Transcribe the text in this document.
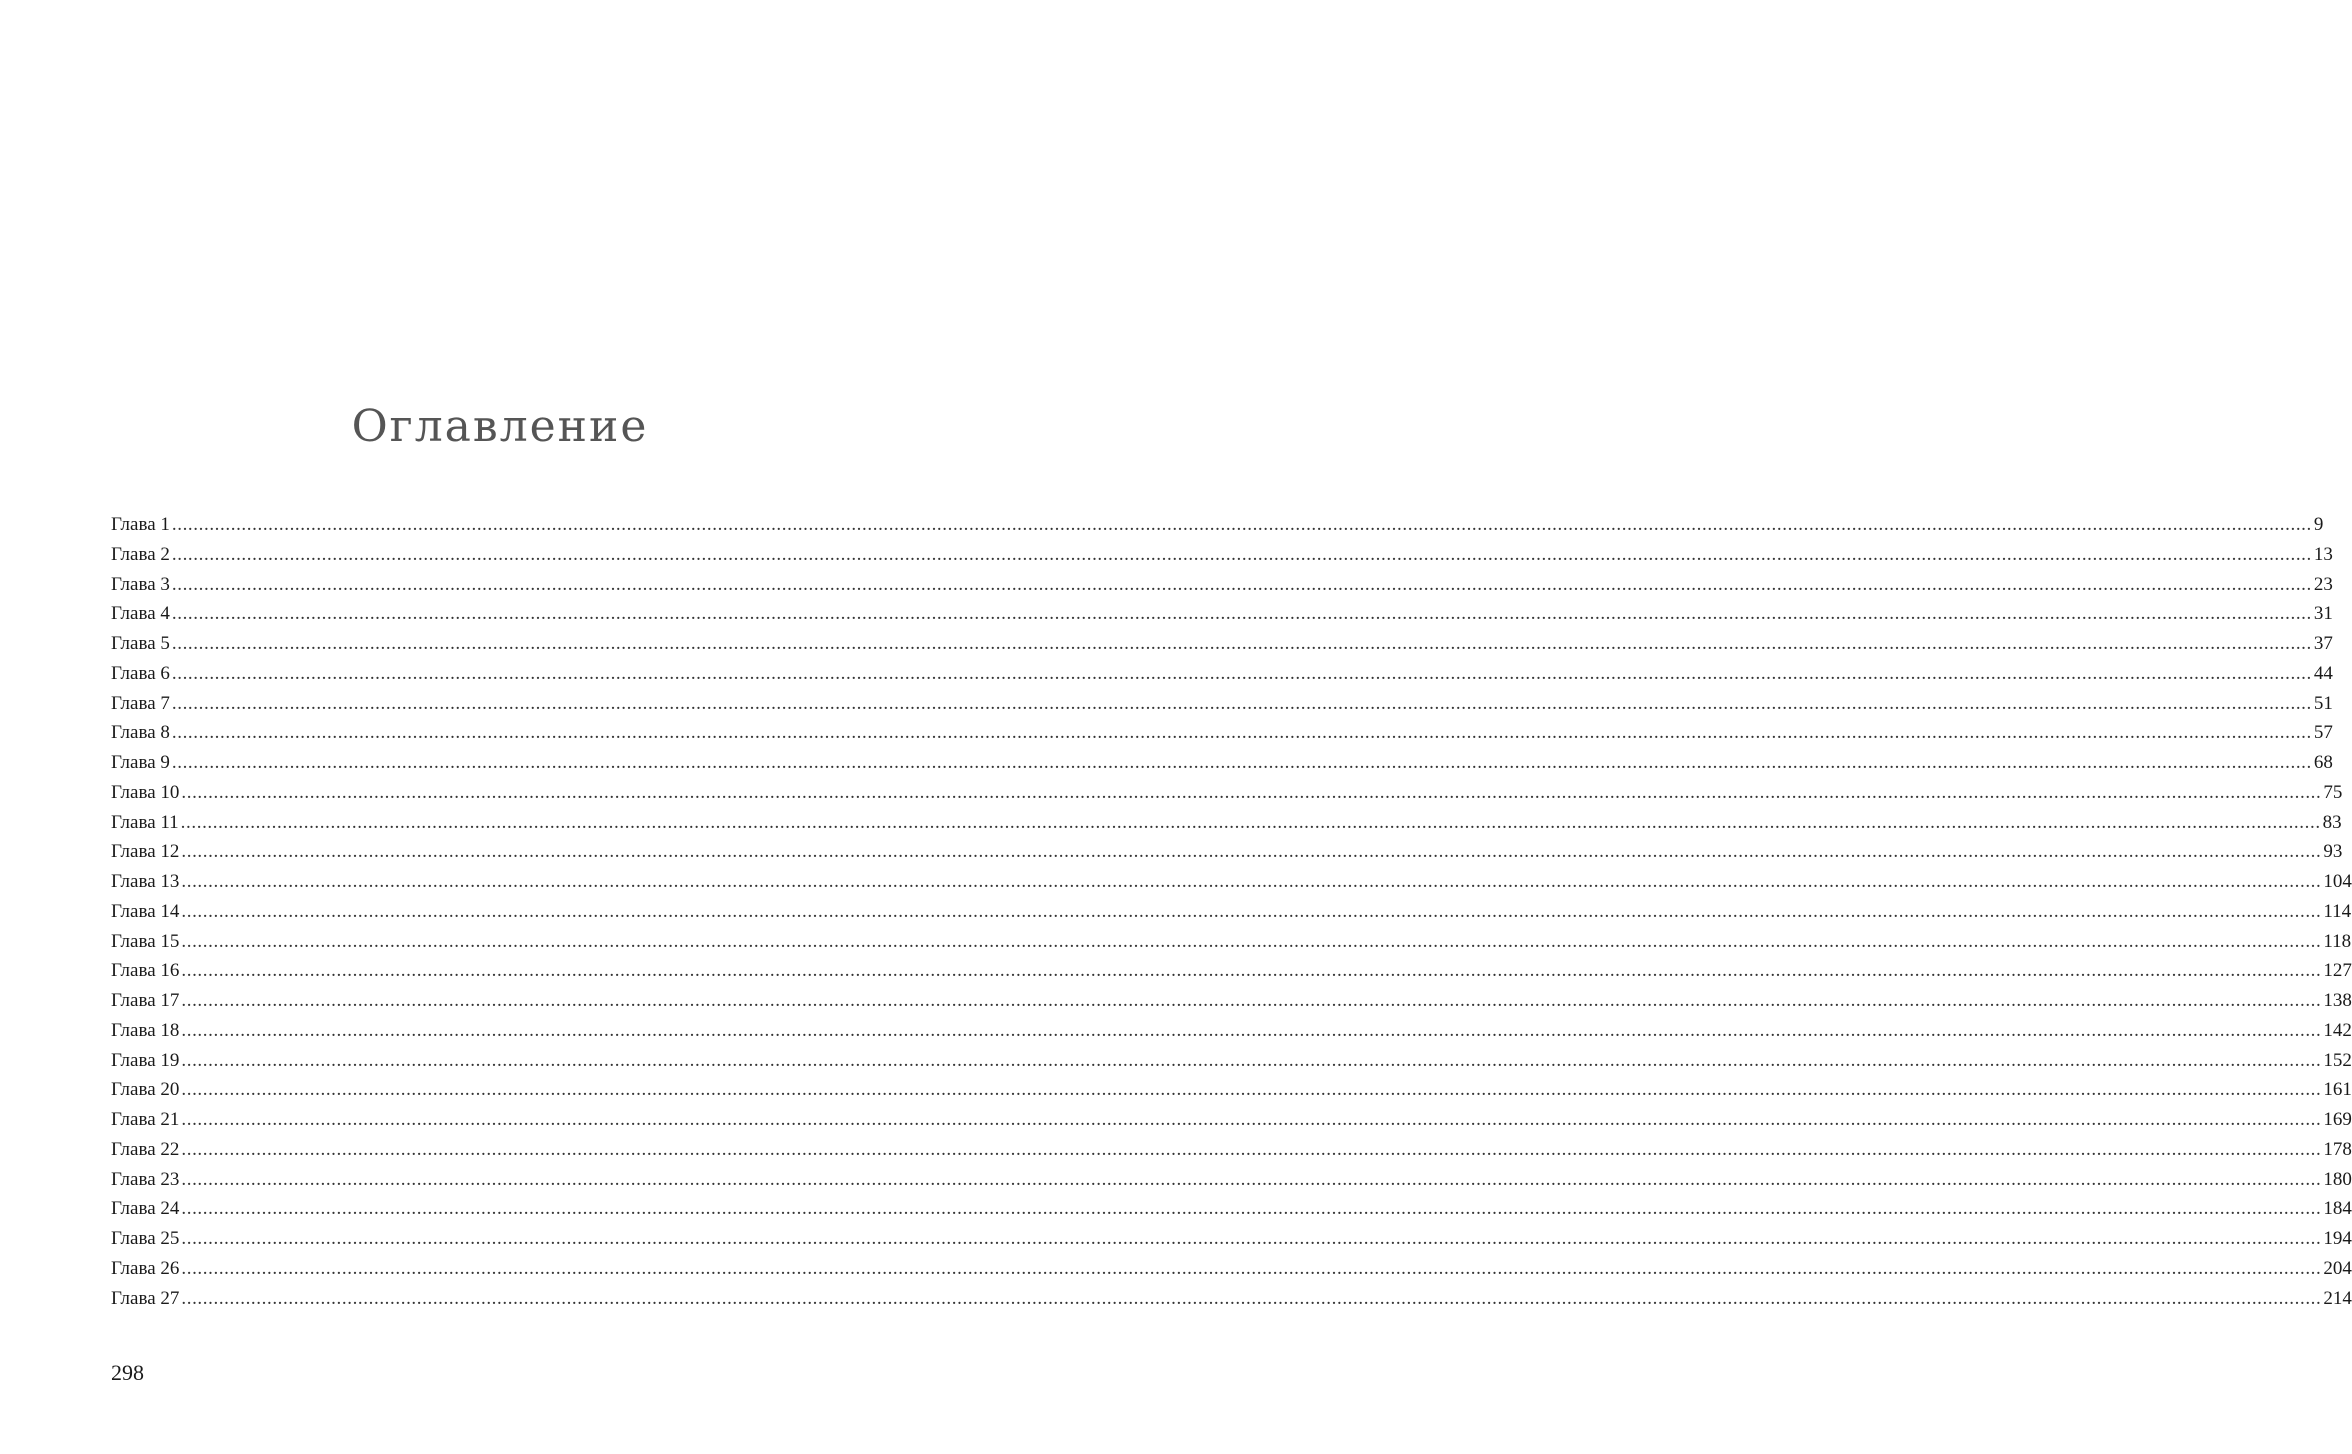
Оглавление
Глава 1 ................................................................................................................................................................................................................................................................................................................................................................................................................ 9
Глава 2 ................................................................................................................................................................................................................................................................................................................................................................................................................ 13
Глава 3 ................................................................................................................................................................................................................................................................................................................................................................................................................ 23
Глава 4 ................................................................................................................................................................................................................................................................................................................................................................................................................ 31
Глава 5 ................................................................................................................................................................................................................................................................................................................................................................................................................ 37
Глава 6 ................................................................................................................................................................................................................................................................................................................................................................................................................ 44
Глава 7 ................................................................................................................................................................................................................................................................................................................................................................................................................ 51
Глава 8 ................................................................................................................................................................................................................................................................................................................................................................................................................ 57
Глава 9 ................................................................................................................................................................................................................................................................................................................................................................................................................ 68
Глава 10 ................................................................................................................................................................................................................................................................................................................................................................................................................ 75
Глава 11 ................................................................................................................................................................................................................................................................................................................................................................................................................ 83
Глава 12 ................................................................................................................................................................................................................................................................................................................................................................................................................ 93
Глава 13 ................................................................................................................................................................................................................................................................................................................................................................................................................ 104
Глава 14 ................................................................................................................................................................................................................................................................................................................................................................................................................ 114
Глава 15 ................................................................................................................................................................................................................................................................................................................................................................................................................ 118
Глава 16 ................................................................................................................................................................................................................................................................................................................................................................................................................ 127
Глава 17 ................................................................................................................................................................................................................................................................................................................................................................................................................ 138
Глава 18 ................................................................................................................................................................................................................................................................................................................................................................................................................ 142
Глава 19 ................................................................................................................................................................................................................................................................................................................................................................................................................ 152
Глава 20 ................................................................................................................................................................................................................................................................................................................................................................................................................ 161
Глава 21 ................................................................................................................................................................................................................................................................................................................................................................................................................ 169
Глава 22 ................................................................................................................................................................................................................................................................................................................................................................................................................ 178
Глава 23 ................................................................................................................................................................................................................................................................................................................................................................................................................ 180
Глава 24 ................................................................................................................................................................................................................................................................................................................................................................................................................ 184
Глава 25 ................................................................................................................................................................................................................................................................................................................................................................................................................ 194
Глава 26 ................................................................................................................................................................................................................................................................................................................................................................................................................ 204
Глава 27 ................................................................................................................................................................................................................................................................................................................................................................................................................ 214
298
